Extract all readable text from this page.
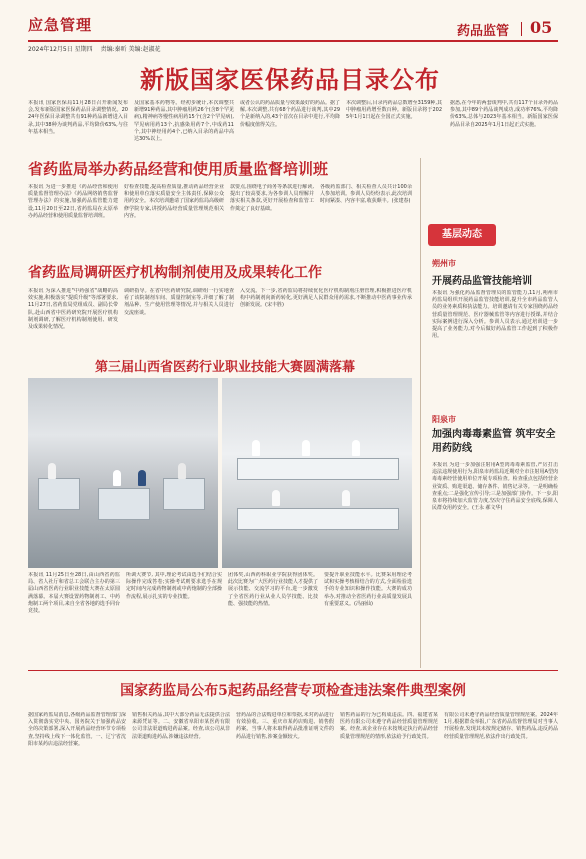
应急管理
2024年12月5日 星期四 责编:秦昕 美编:赵淑花
药品监管 05
新版国家医保药品目录公布
本报讯 国家医保局11月28日召开新闻发布会,发布新版国家医保药品目录调整情况。2024年医保目录调整共有91种药品新增进入目录,其中38种为谈判药品,平均降价63%,与往年基本相当。
及国家基本药物等。经初步统计,本次调整共新增91种药品,其中肿瘤用药26个(含8个罕见病),精神病等慢性病用药15个(含2个罕见病),罕见病用药13个,抗感染用药7个,中成药11个,其中神经用药4个,已纳入目录的药品中高达30%以上。
或者公认的药品质量与效果最好的药品。据了解,本次调整,共有68个药品进行谈判,其中29个是新纳入的,43个首次在目录中进行,平均降价幅度值得关注。
本次调整后,目录内药品总数增至3159种,其中肿瘤用药增至数百种。新版目录将于2025年1月1日起在全国正式实施。
据悉,在今年的两套谈判中,共有117个目录外药品参加,其中89个药品谈判成功,成功率76%,平均降价63%,总体与2023年基本相当。新版国家医保药品目录自2025年1月1日起正式实施。
省药监局举办药品经营和使用质量监督培训班
本报讯 为进一步推进《药品经营和使用质量监督管理办法》《药品网络销售监督管理办法》的实施,加强药品监管能力建设,11月20日至22日,省药监局在太原举办药品经营和使用质量监督培训班。
好检查技能,提高检查质量,推动药品经营企业和使用单位落实质量安全主体责任,保障公众用药安全。本次培训邀请了国家药监局高级研修学院专家,讲授药品经营质量管理规范相关内容。
款要点,围绕电子商务等条款进行解读,提出了较高要求,为各参训人员理解并落实相关条款,更好开展检查和监管工作奠定了良好基础。
各级药监部门、相关检查人员共计100余人参加培训。参训人员纷纷表示,此次培训时间紧凑、内容丰富,收获颇丰。(张建春)
省药监局调研医疗机构制剂使用及成果转化工作
本报讯 为深入推进"中药强省"战略的高效实施,积极落实"提质升级"等部署要求,11月27日,省药监局党组成员、副局长带队,赴山西省中医药研究院开展医疗机构制剂调研,了解医疗机构制剂使用、研发及成果转化情况。
调研指导。在省中医药研究院,调研组一行实地查看了该院制剂车间、质量控制室等,详细了解了制剂品种、生产使用管理等情况,并与相关人员进行交流座谈。
入交流。下一步,省药监局将持续优化医疗机构制剂注册管理,积极推进医疗机构中药制剂向新药转化,更好满足人民群众用药需求,不断推动中医药事业传承创新发展。(宋丰胜)
第三届山西省医药行业职业技能大赛圆满落幕
本报讯 11月25日至28日,由山西省药监局、省人社厅和省总工会联合主办的第三届山西省医药行业职业技能大赛在太原圆满落幕。本届大赛设置药物制剂工、中药炮制工两个项目,来自全省各地的选手同台竞技。
所调大赛节, 其中,理论考试由选手们结合实际操作完成答卷;实操考试则要求选手在规定时间内完成药物制剂或中药炮制的全部操作流程,展示扎实的专业技能。
团体奖,山西药科职业学院获得团体奖。此次比赛为广大医药行业技能人才提供了展示技能、交流学习的平台,进一步激发了全省医药行业从业人员学技能、比技能、强技能的热情。
要提升职业技能水平。比赛采用理论考试和实操考核相结合的方式,全面检验选手的专业知识和操作技能。大赛的成功举办,对推动全省医药行业高质量发展具有重要意义。(冯丽仙)
基层动态
朔州市
开展药品监管技能培训
本报讯 为强化药品监督管理员的监管能力,11月,朔州市药监局组织开展药品监管技能培训,提升全市药品监管人员的业务素质和执法能力。培训邀请有关专家围绕药品经营质量管理规范、医疗器械监管等内容进行授课,并结合实际案例进行深入分析。参训人员表示,通过培训进一步提高了业务能力,对今后做好药品监管工作起到了积极作用。
阳泉市
加强肉毒毒素监管 筑牢安全用药防线
本报讯 为进一步加强注射用A型肉毒毒素监管,严厉打击违法违规使用行为,阳泉市药监局近期对全市注射用A型肉毒毒素经营使用单位开展专项检查。检查重点包括经营企业资质、购进渠道、储存条件、销售记录等。一是明确检查重点;二是强化宣传引导;三是加强部门协作。下一步,阳泉市将持续加大监管力度,坚决守住药品安全底线,保障人民群众用药安全。(王永 郝文华)
国家药监局公布5起药品经营专项检查违法案件典型案例
据国家药监局消息,各级药品监督管理部门深入贯彻落实党中央、国务院关于加强药品安全的决策部署,深入开展药品经营环节专项检查,坚持线上线下一体化监管。一、辽宁省沈阳市某药店违法经营案。
销售相关药品,其中大部分药品无法提供合法来源凭证等。二、安徽省阜阳市某医药有限公司非法渠道购进药品案。经查,该公司从非法渠道购进药品,涉嫌违法经营。
营药品的合法购进单位和票据,未对药品进行有效验收。三、重庆市某药店购进、销售假药案。当事人将未取得药品批准证明文件的药品进行销售,涉案金额较大。
销售药品的行为已构成违法。四、福建省某医药有限公司未遵守药品经营质量管理规范案。经查,该企业存在未按规定执行药品经营质量管理规范的情形,依法给予行政处罚。
有限公司未遵守药品经营质量管理规范案。2024年1月,根据群众举报,广东省药品监督管理局对当事人开展检查,发现其未按规定储存、销售药品,违反药品经营质量管理规范,依法作出行政处罚。
